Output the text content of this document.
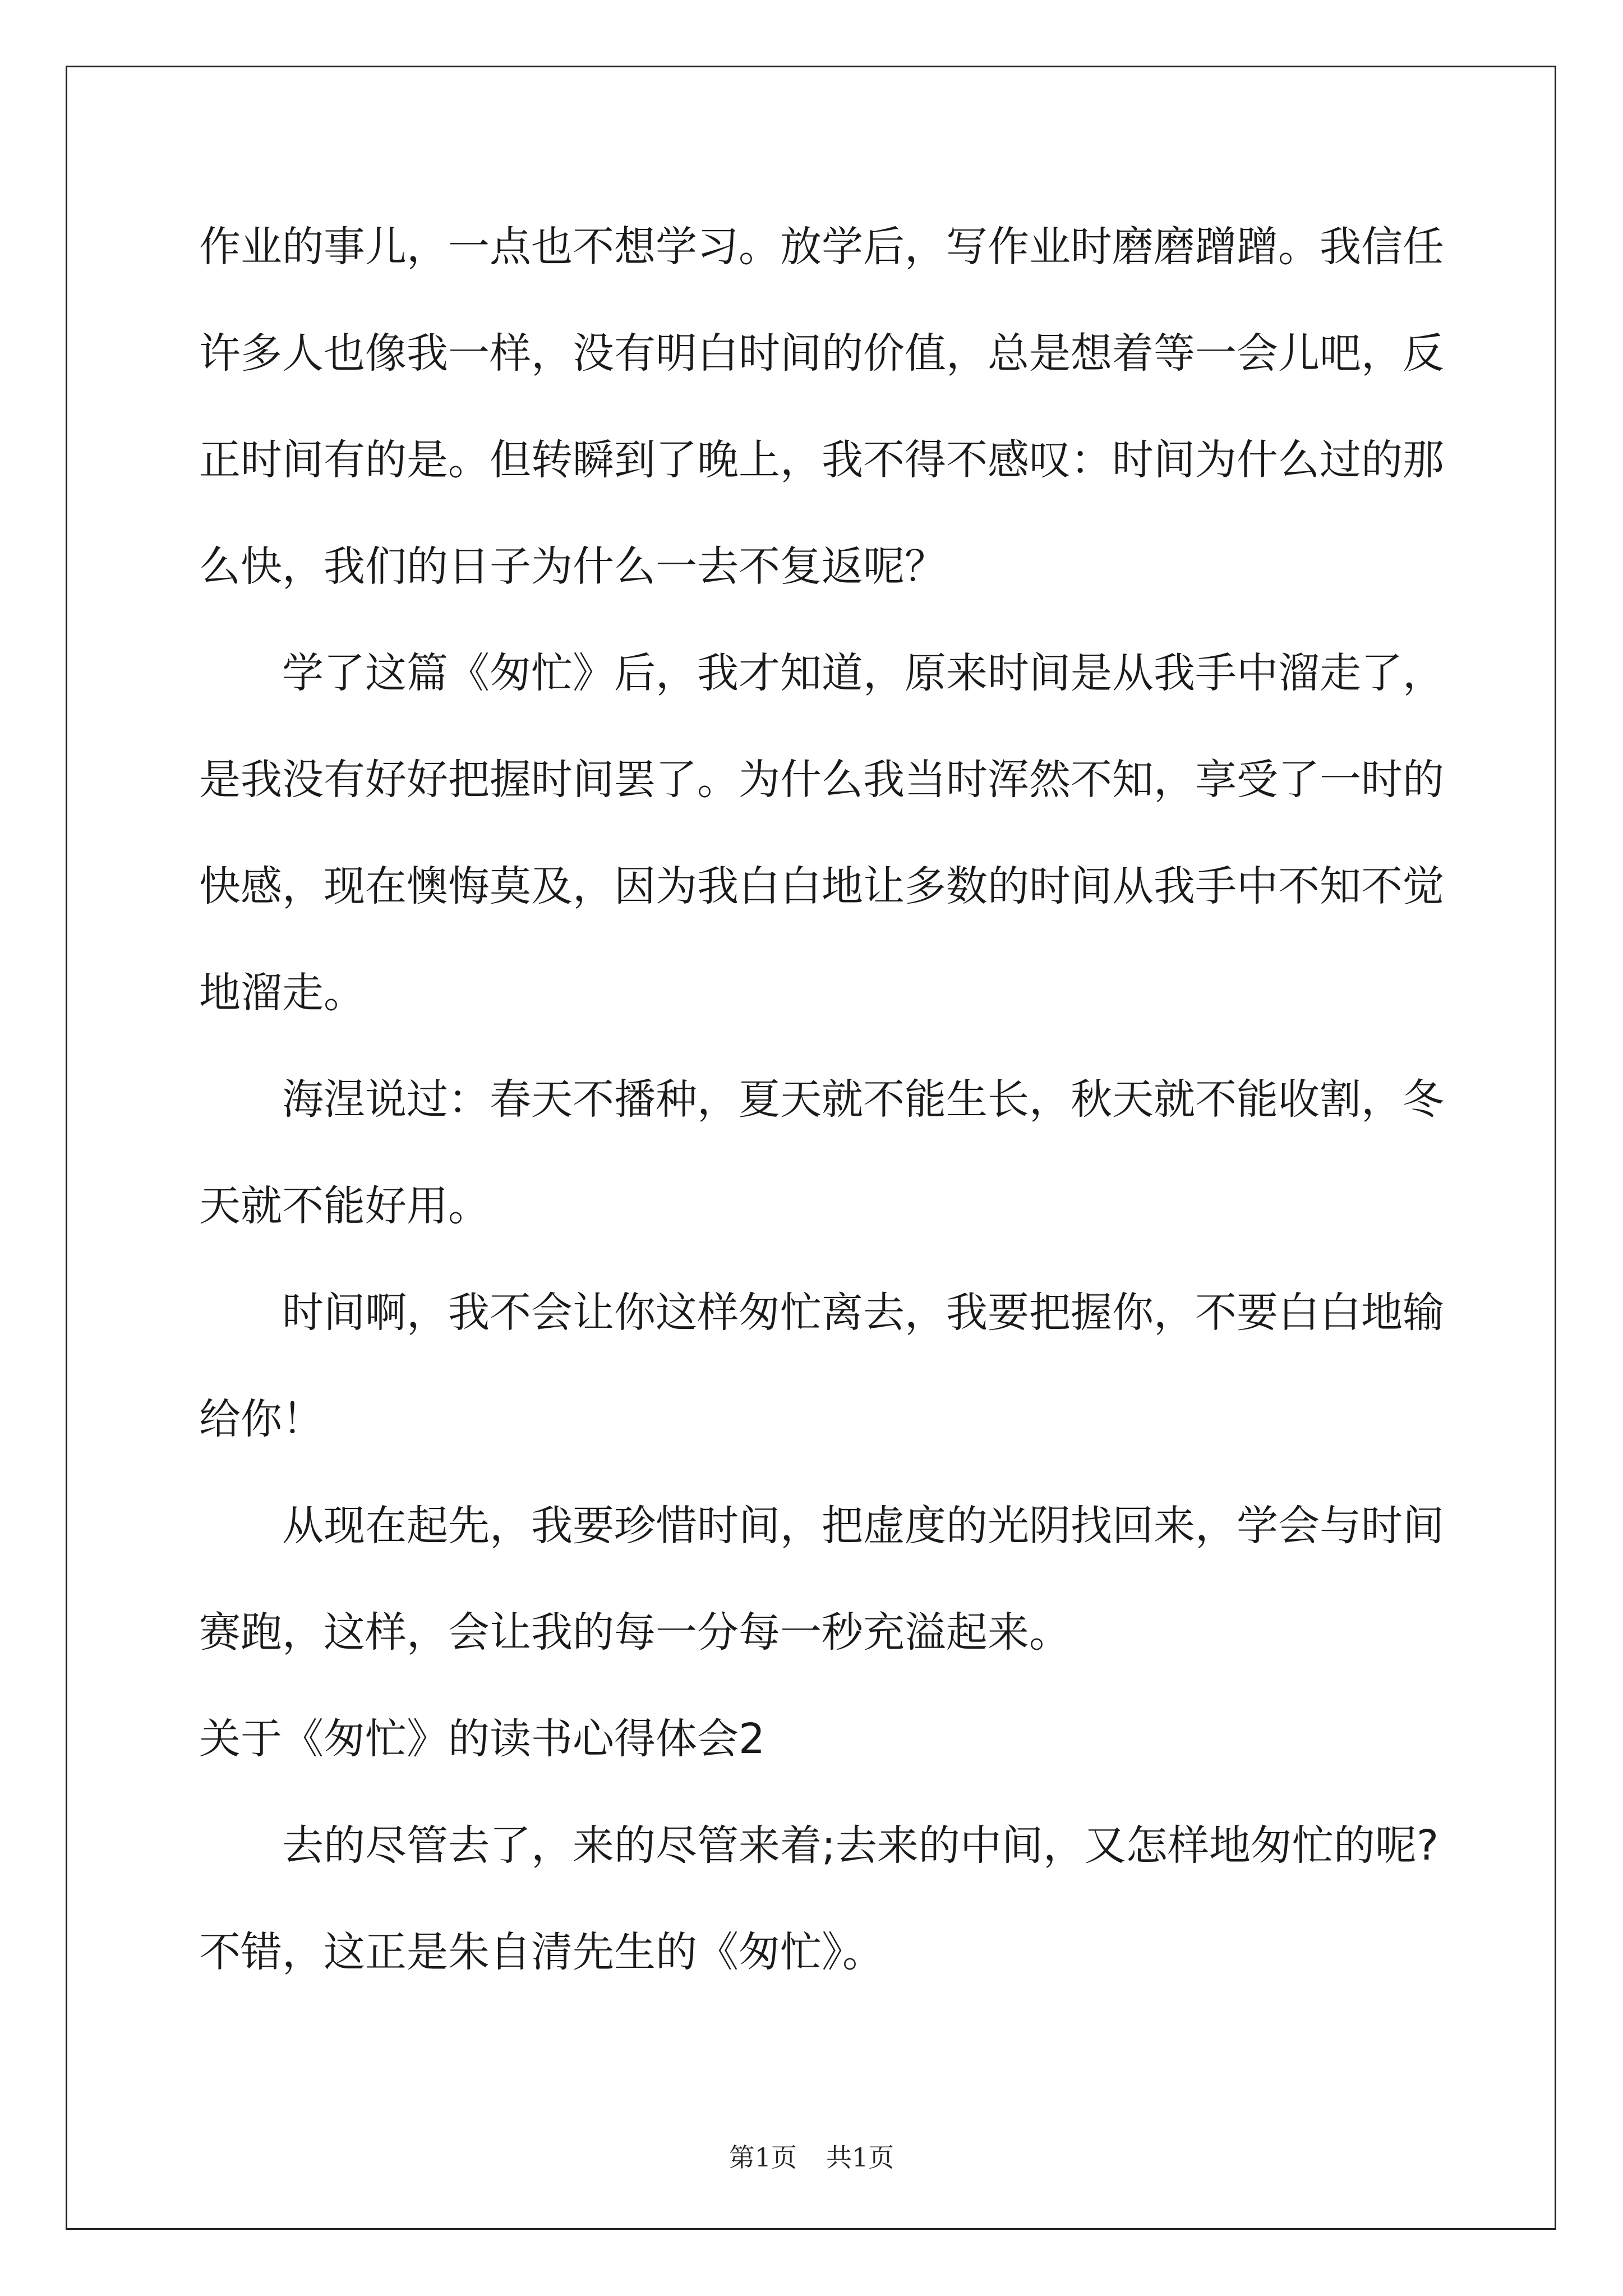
作业的事儿，一点也不想学习。放学后，写作业时磨磨蹭蹭。我信任
许多人也像我一样，没有明白时间的价值，总是想着等一会儿吧，反
正时间有的是。但转瞬到了晚上，我不得不感叹：时间为什么过的那
么快，我们的日子为什么一去不复返呢？
学了这篇《匆忙》后，我才知道，原来时间是从我手中溜走了，
是我没有好好把握时间罢了。为什么我当时浑然不知，享受了一时的
快感，现在懊悔莫及，因为我白白地让多数的时间从我手中不知不觉
地溜走。
海涅说过：春天不播种，夏天就不能生长，秋天就不能收割，冬
天就不能好用。
时间啊，我不会让你这样匆忙离去，我要把握你，不要白白地输
给你！
从现在起先，我要珍惜时间，把虚度的光阴找回来，学会与时间
赛跑，这样，会让我的每一分每一秒充溢起来。
关于《匆忙》的读书心得体会2
去的尽管去了，来的尽管来着;去来的中间，又怎样地匆忙的呢?
不错，这正是朱自清先生的《匆忙》。
第1页 共1页
